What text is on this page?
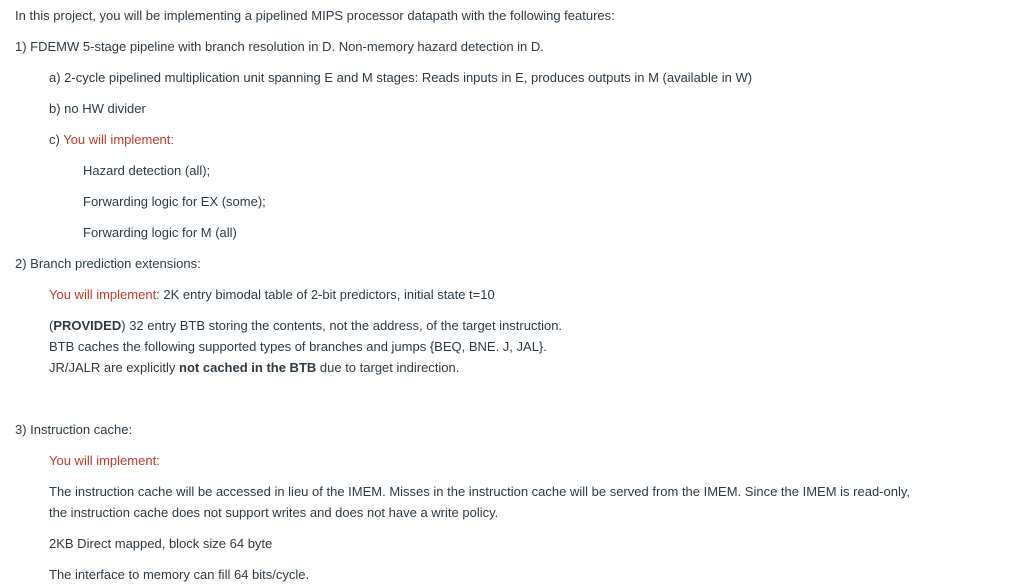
In this project, you will be implementing a pipelined MIPS processor datapath with the following features:
1) FDEMW 5-stage pipeline with branch resolution in D. Non-memory hazard detection in D.
a) 2-cycle pipelined multiplication unit spanning E and M stages: Reads inputs in E, produces outputs in M (available in W)
b) no HW divider
c) You will implement:
Hazard detection (all);
Forwarding logic for EX (some);
Forwarding logic for M (all)
2) Branch prediction extensions:
You will implement: 2K entry bimodal table of 2-bit predictors, initial state t=10
(PROVIDED) 32 entry BTB storing the contents, not the address, of the target instruction.
BTB caches the following supported types of branches and jumps {BEQ, BNE. J, JAL}.
JR/JALR are explicitly not cached in the BTB due to target indirection.
3) Instruction cache:
You will implement:
The instruction cache will be accessed in lieu of the IMEM. Misses in the instruction cache will be served from the IMEM. Since the IMEM is read-only, the instruction cache does not support writes and does not have a write policy.
2KB Direct mapped, block size 64 byte
The interface to memory can fill 64 bits/cycle.
